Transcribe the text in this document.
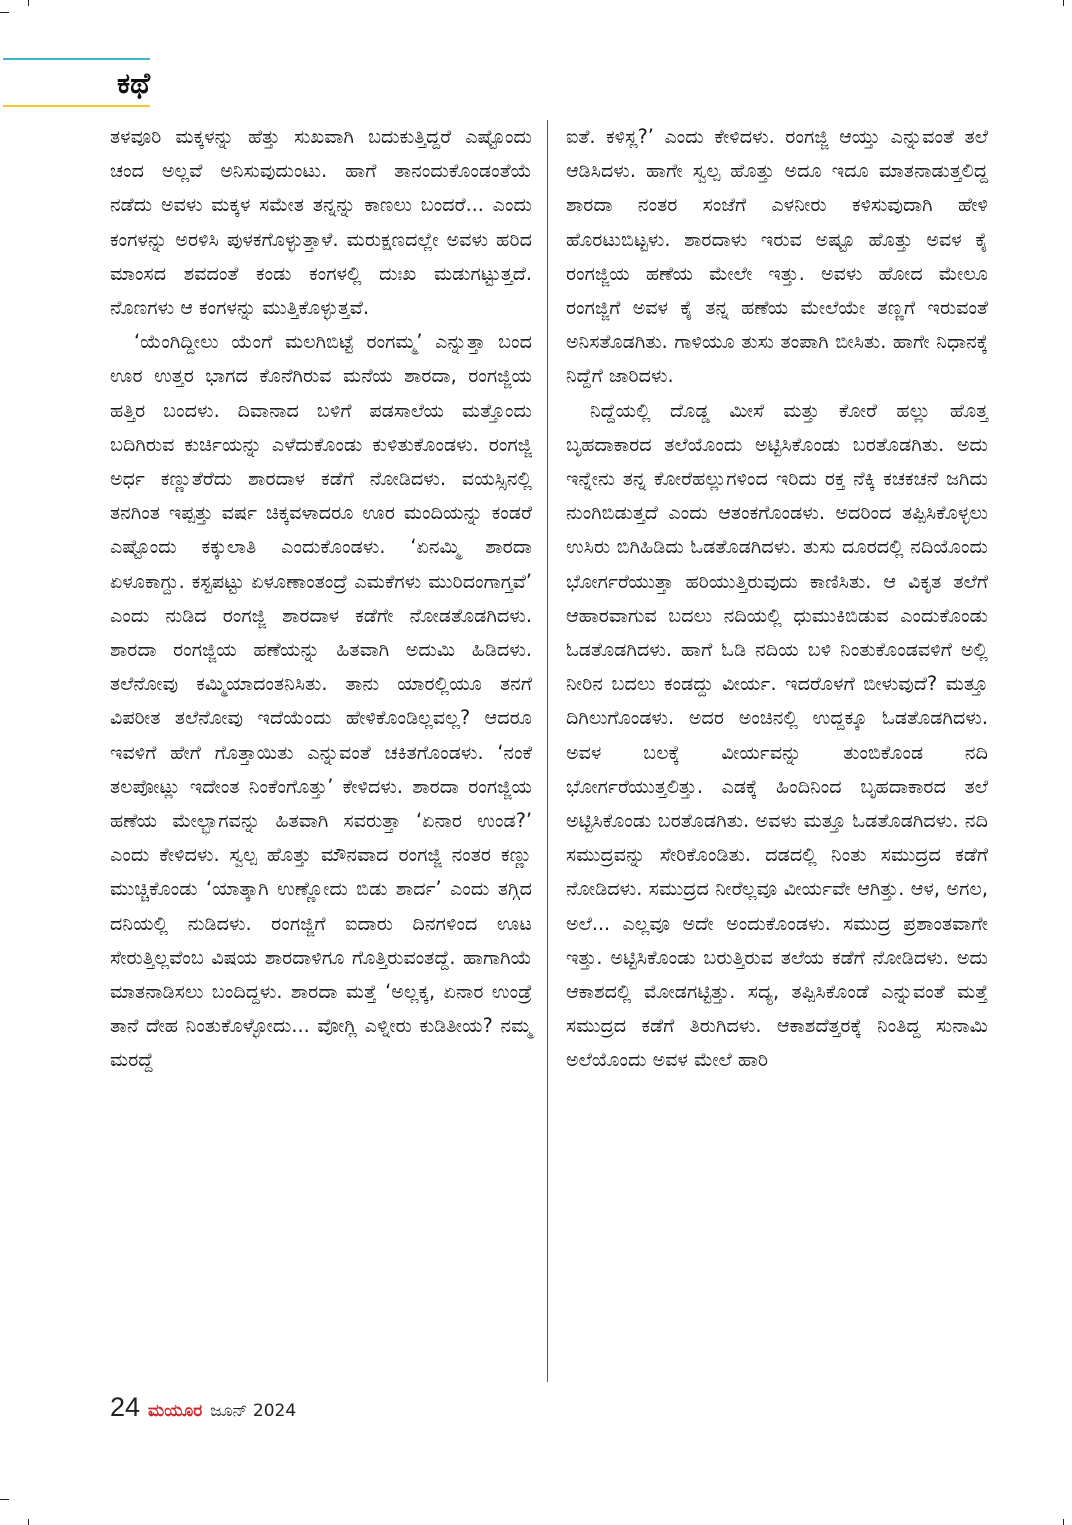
ಕಥೆ

ತಳವೂರಿ ಮಕ್ಕಳನ್ನು ಹೆತ್ತು ಸುಖವಾಗಿ ಬದುಕುತ್ತಿದ್ದರೆ ಎಷ್ಟೊಂದು ಚಂದ ಅಲ್ಲವೆ ಅನಿಸುವುದುಂಟು. ಹಾಗೆ ತಾನಂದುಕೊಂಡಂತೆಯೆ ನಡೆದು ಅವಳು ಮಕ್ಕಳ ಸಮೇತ ತನ್ನನ್ನು ಕಾಣಲು ಬಂದರೆ... ಎಂದು ಕಂಗಳನ್ನು ಅರಳಿಸಿ ಪುಳಕಗೊಳ್ಳುತ್ತಾಳೆ. ಮರುಕ್ಷಣದಲ್ಲೇ ಅವಳು ಹರಿದ ಮಾಂಸದ ಶವದಂತೆ ಕಂಡು ಕಂಗಳಲ್ಲಿ ದುಃಖ ಮಡುಗಟ್ಟುತ್ತದೆ. ನೊಣಗಳು ಆ ಕಂಗಳನ್ನು ಮುತ್ತಿಕೊಳ್ಳುತ್ತವೆ.

‘ಯೆಂಗಿದ್ದೀಲು ಯೆಂಗೆ ಮಲಗಿಬಿಟ್ಟೆ ರಂಗಮ್ಮ’ ಎನ್ನುತ್ತಾ ಬಂದ ಊರ ಉತ್ತರ ಭಾಗದ ಕೊನೆಗಿರುವ ಮನೆಯ ಶಾರದಾ, ರಂಗಜ್ಜಿಯ ಹತ್ತಿರ ಬಂದಳು. ದಿವಾನಾದ ಬಳಿಗೆ ಪಡಸಾಲೆಯ ಮತ್ತೊಂದು ಬದಿಗಿರುವ ಕುರ್ಚಿಯನ್ನು ಎಳೆದುಕೊಂಡು ಕುಳಿತುಕೊಂಡಳು. ರಂಗಜ್ಜಿ ಅರ್ಧ ಕಣ್ಣುತೆರೆದು ಶಾರದಾಳ ಕಡೆಗೆ ನೋಡಿದಳು. ವಯಸ್ಸಿನಲ್ಲಿ ತನಗಿಂತ ಇಪ್ಪತ್ತು ವರ್ಷ ಚಿಕ್ಕವಳಾದರೂ ಊರ ಮಂದಿಯನ್ನು ಕಂಡರೆ ಎಷ್ಟೊಂದು ಕಕ್ಕುಲಾತಿ ಎಂದುಕೊಂಡಳು. ‘ಏನಮ್ಮಿ ಶಾರದಾ ಏಳೂಕಾಗ್ದು. ಕಸ್ಟಪಟ್ಟು ಏಳೂಣಾಂತಂದ್ರೆ ಎಮಕೆಗಳು ಮುರಿದಂಗಾಗ್ತವೆ’ ಎಂದು ನುಡಿದ ರಂಗಜ್ಜಿ ಶಾರದಾಳ ಕಡೆಗೇ ನೋಡತೊಡಗಿದಳು. ಶಾರದಾ ರಂಗಜ್ಜಿಯ ಹಣೆಯನ್ನು ಹಿತವಾಗಿ ಅದುಮಿ ಹಿಡಿದಳು. ತಲೆನೋವು ಕಮ್ಮಿಯಾದಂತನಿಸಿತು. ತಾನು ಯಾರಲ್ಲಿಯೂ ತನಗೆ ವಿಪರೀತ ತಲೆನೋವು ಇದೆಯೆಂದು ಹೇಳಿಕೊಂಡಿಲ್ಲವಲ್ಲ? ಆದರೂ ಇವಳಿಗೆ ಹೇಗೆ ಗೊತ್ತಾಯಿತು ಎನ್ನುವಂತೆ ಚಕಿತಗೊಂಡಳು. ‘ನಂಕೆ ತಲಪೋಟ್ಲು ಇದೇಂತ ನಿಂಕೆಂಗೊತ್ತು’ ಕೇಳಿದಳು. ಶಾರದಾ ರಂಗಜ್ಜಿಯ ಹಣೆಯ ಮೇಲ್ಭಾಗವನ್ನು ಹಿತವಾಗಿ ಸವರುತ್ತಾ ‘ಏನಾರ ಉಂಡ?’ ಎಂದು ಕೇಳಿದಳು. ಸ್ವಲ್ಪ ಹೊತ್ತು ಮೌನವಾದ ರಂಗಜ್ಜಿ ನಂತರ ಕಣ್ಣು ಮುಚ್ಚಿಕೊಂಡು ‘ಯಾತ್ಕಾಗಿ ಉಣ್ಣೋದು ಬಿಡು ಶಾರ್ದ’ ಎಂದು ತಗ್ಗಿದ ದನಿಯಲ್ಲಿ ನುಡಿದಳು. ರಂಗಜ್ಜಿಗೆ ಐದಾರು ದಿನಗಳಿಂದ ಊಟ ಸೇರುತ್ತಿಲ್ಲವೆಂಬ ವಿಷಯ ಶಾರದಾಳಿಗೂ ಗೊತ್ತಿರುವಂತದ್ದೆ. ಹಾಗಾಗಿಯೆ ಮಾತನಾಡಿಸಲು ಬಂದಿದ್ದಳು. ಶಾರದಾ ಮತ್ತೆ ‘ಅಲ್ಲಕ್ಕ, ಏನಾರ ಉಂಡ್ರೆ ತಾನೆ ದೇಹ ನಿಂತುಕೊಳ್ಳೋದು... ವೋಗ್ಲಿ ಎಳ್ನೀರು ಕುಡಿತೀಯ? ನಮ್ಮ ಮರದ್ದೆ

ಐತೆ. ಕಳಿಸ್ಲ?’ ಎಂದು ಕೇಳಿದಳು. ರಂಗಜ್ಜಿ ಆಯ್ತು ಎನ್ನುವಂತೆ ತಲೆ ಆಡಿಸಿದಳು. ಹಾಗೇ ಸ್ವಲ್ಪ ಹೊತ್ತು ಅದೂ ಇದೂ ಮಾತನಾಡುತ್ತಲಿದ್ದ ಶಾರದಾ ನಂತರ ಸಂಜೆಗೆ ಎಳನೀರು ಕಳಿಸುವುದಾಗಿ ಹೇಳಿ ಹೊರಟುಬಿಟ್ಟಳು. ಶಾರದಾಳು ಇರುವ ಅಷ್ಟೂ ಹೊತ್ತು ಅವಳ ಕೈ ರಂಗಜ್ಜಿಯ ಹಣೆಯ ಮೇಲೇ ಇತ್ತು. ಅವಳು ಹೋದ ಮೇಲೂ ರಂಗಜ್ಜಿಗೆ ಅವಳ ಕೈ ತನ್ನ ಹಣೆಯ ಮೇಲೆಯೇ ತಣ್ಣಗೆ ಇರುವಂತೆ ಅನಿಸತೊಡಗಿತು. ಗಾಳಿಯೂ ತುಸು ತಂಪಾಗಿ ಬೀಸಿತು. ಹಾಗೇ ನಿಧಾನಕ್ಕೆ ನಿದ್ದೆಗೆ ಜಾರಿದಳು.

ನಿದ್ದೆಯಲ್ಲಿ ದೊಡ್ಡ ಮೀಸೆ ಮತ್ತು ಕೋರೆ ಹಲ್ಲು ಹೊತ್ತ ಬೃಹದಾಕಾರದ ತಲೆಯೊಂದು ಅಟ್ಟಿಸಿಕೊಂಡು ಬರತೊಡಗಿತು. ಅದು ಇನ್ನೇನು ತನ್ನ ಕೋರೆಹಲ್ಲುಗಳಿಂದ ಇರಿದು ರಕ್ತ ನೆಕ್ಕಿ ಕಚಕಚನೆ ಜಗಿದು ನುಂಗಿಬಿಡುತ್ತದೆ ಎಂದು ಆತಂಕಗೊಂಡಳು. ಅದರಿಂದ ತಪ್ಪಿಸಿಕೊಳ್ಳಲು ಉಸಿರು ಬಿಗಿಹಿಡಿದು ಓಡತೊಡಗಿದಳು. ತುಸು ದೂರದಲ್ಲಿ ನದಿಯೊಂದು ಭೋರ್ಗರೆಯುತ್ತಾ ಹರಿಯುತ್ತಿರುವುದು ಕಾಣಿಸಿತು. ಆ ವಿಕೃತ ತಲೆಗೆ ಆಹಾರವಾಗುವ ಬದಲು ನದಿಯಲ್ಲಿ ಧುಮುಕಿಬಿಡುವ ಎಂದುಕೊಂಡು ಓಡತೊಡಗಿದಳು. ಹಾಗೆ ಓಡಿ ನದಿಯ ಬಳಿ ನಿಂತುಕೊಂಡವಳಿಗೆ ಅಲ್ಲಿ ನೀರಿನ ಬದಲು ಕಂಡದ್ದು ವೀರ್ಯ. ಇದರೊಳಗೆ ಬೀಳುವುದೆ? ಮತ್ತೂ ದಿಗಿಲುಗೊಂಡಳು. ಅದರ ಅಂಚಿನಲ್ಲಿ ಉದ್ದಕ್ಕೂ ಓಡತೊಡಗಿದಳು. ಅವಳ ಬಲಕ್ಕೆ ವೀರ್ಯವನ್ನು ತುಂಬಿಕೊಂಡ ನದಿ ಭೋರ್ಗರೆಯುತ್ತಲಿತ್ತು. ಎಡಕ್ಕೆ ಹಿಂದಿನಿಂದ ಬೃಹದಾಕಾರದ ತಲೆ ಅಟ್ಟಿಸಿಕೊಂಡು ಬರತೊಡಗಿತು. ಅವಳು ಮತ್ತೂ ಓಡತೊಡಗಿದಳು. ನದಿ ಸಮುದ್ರವನ್ನು ಸೇರಿಕೊಂಡಿತು. ದಡದಲ್ಲಿ ನಿಂತು ಸಮುದ್ರದ ಕಡೆಗೆ ನೋಡಿದಳು. ಸಮುದ್ರದ ನೀರೆಲ್ಲವೂ ವೀರ್ಯವೇ ಆಗಿತ್ತು. ಆಳ, ಅಗಲ, ಅಲೆ... ಎಲ್ಲವೂ ಅದೇ ಅಂದುಕೊಂಡಳು. ಸಮುದ್ರ ಪ್ರಶಾಂತವಾಗೇ ಇತ್ತು. ಅಟ್ಟಿಸಿಕೊಂಡು ಬರುತ್ತಿರುವ ತಲೆಯ ಕಡೆಗೆ ನೋಡಿದಳು. ಅದು ಆಕಾಶದಲ್ಲಿ ಮೋಡಗಟ್ಟಿತ್ತು. ಸದ್ಯ, ತಪ್ಪಿಸಿಕೊಂಡೆ ಎನ್ನುವಂತೆ ಮತ್ತೆ ಸಮುದ್ರದ ಕಡೆಗೆ ತಿರುಗಿದಳು. ಆಕಾಶದೆತ್ತರಕ್ಕೆ ನಿಂತಿದ್ದ ಸುನಾಮಿ ಅಲೆಯೊಂದು ಅವಳ ಮೇಲೆ ಹಾರಿ

24 ಮಯೂರ ಜೂನ್ 2024
